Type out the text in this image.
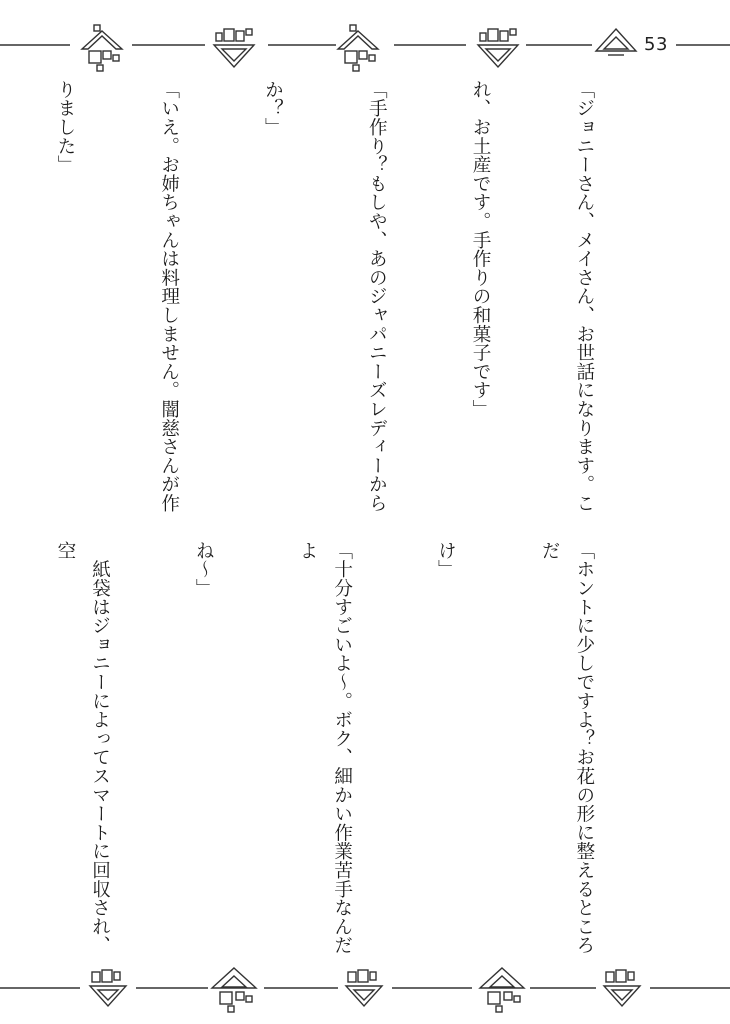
53

「ジョニーさん、メイさん、お世話になります。こ

れ、お土産です。手作りの和菓子です」

「手作り？もしや、あのジャパニーズレディーから

か？」

「いえ。お姉ちゃんは料理しません。闇慈さんが作

りました」

「ホントに少しですよ？お花の形に整えるところだ

け」

「十分すごいよ〜。ボク、細かい作業苦手なんだよ

ね〜」

　紙袋はジョニーによってスマートに回収され、空
